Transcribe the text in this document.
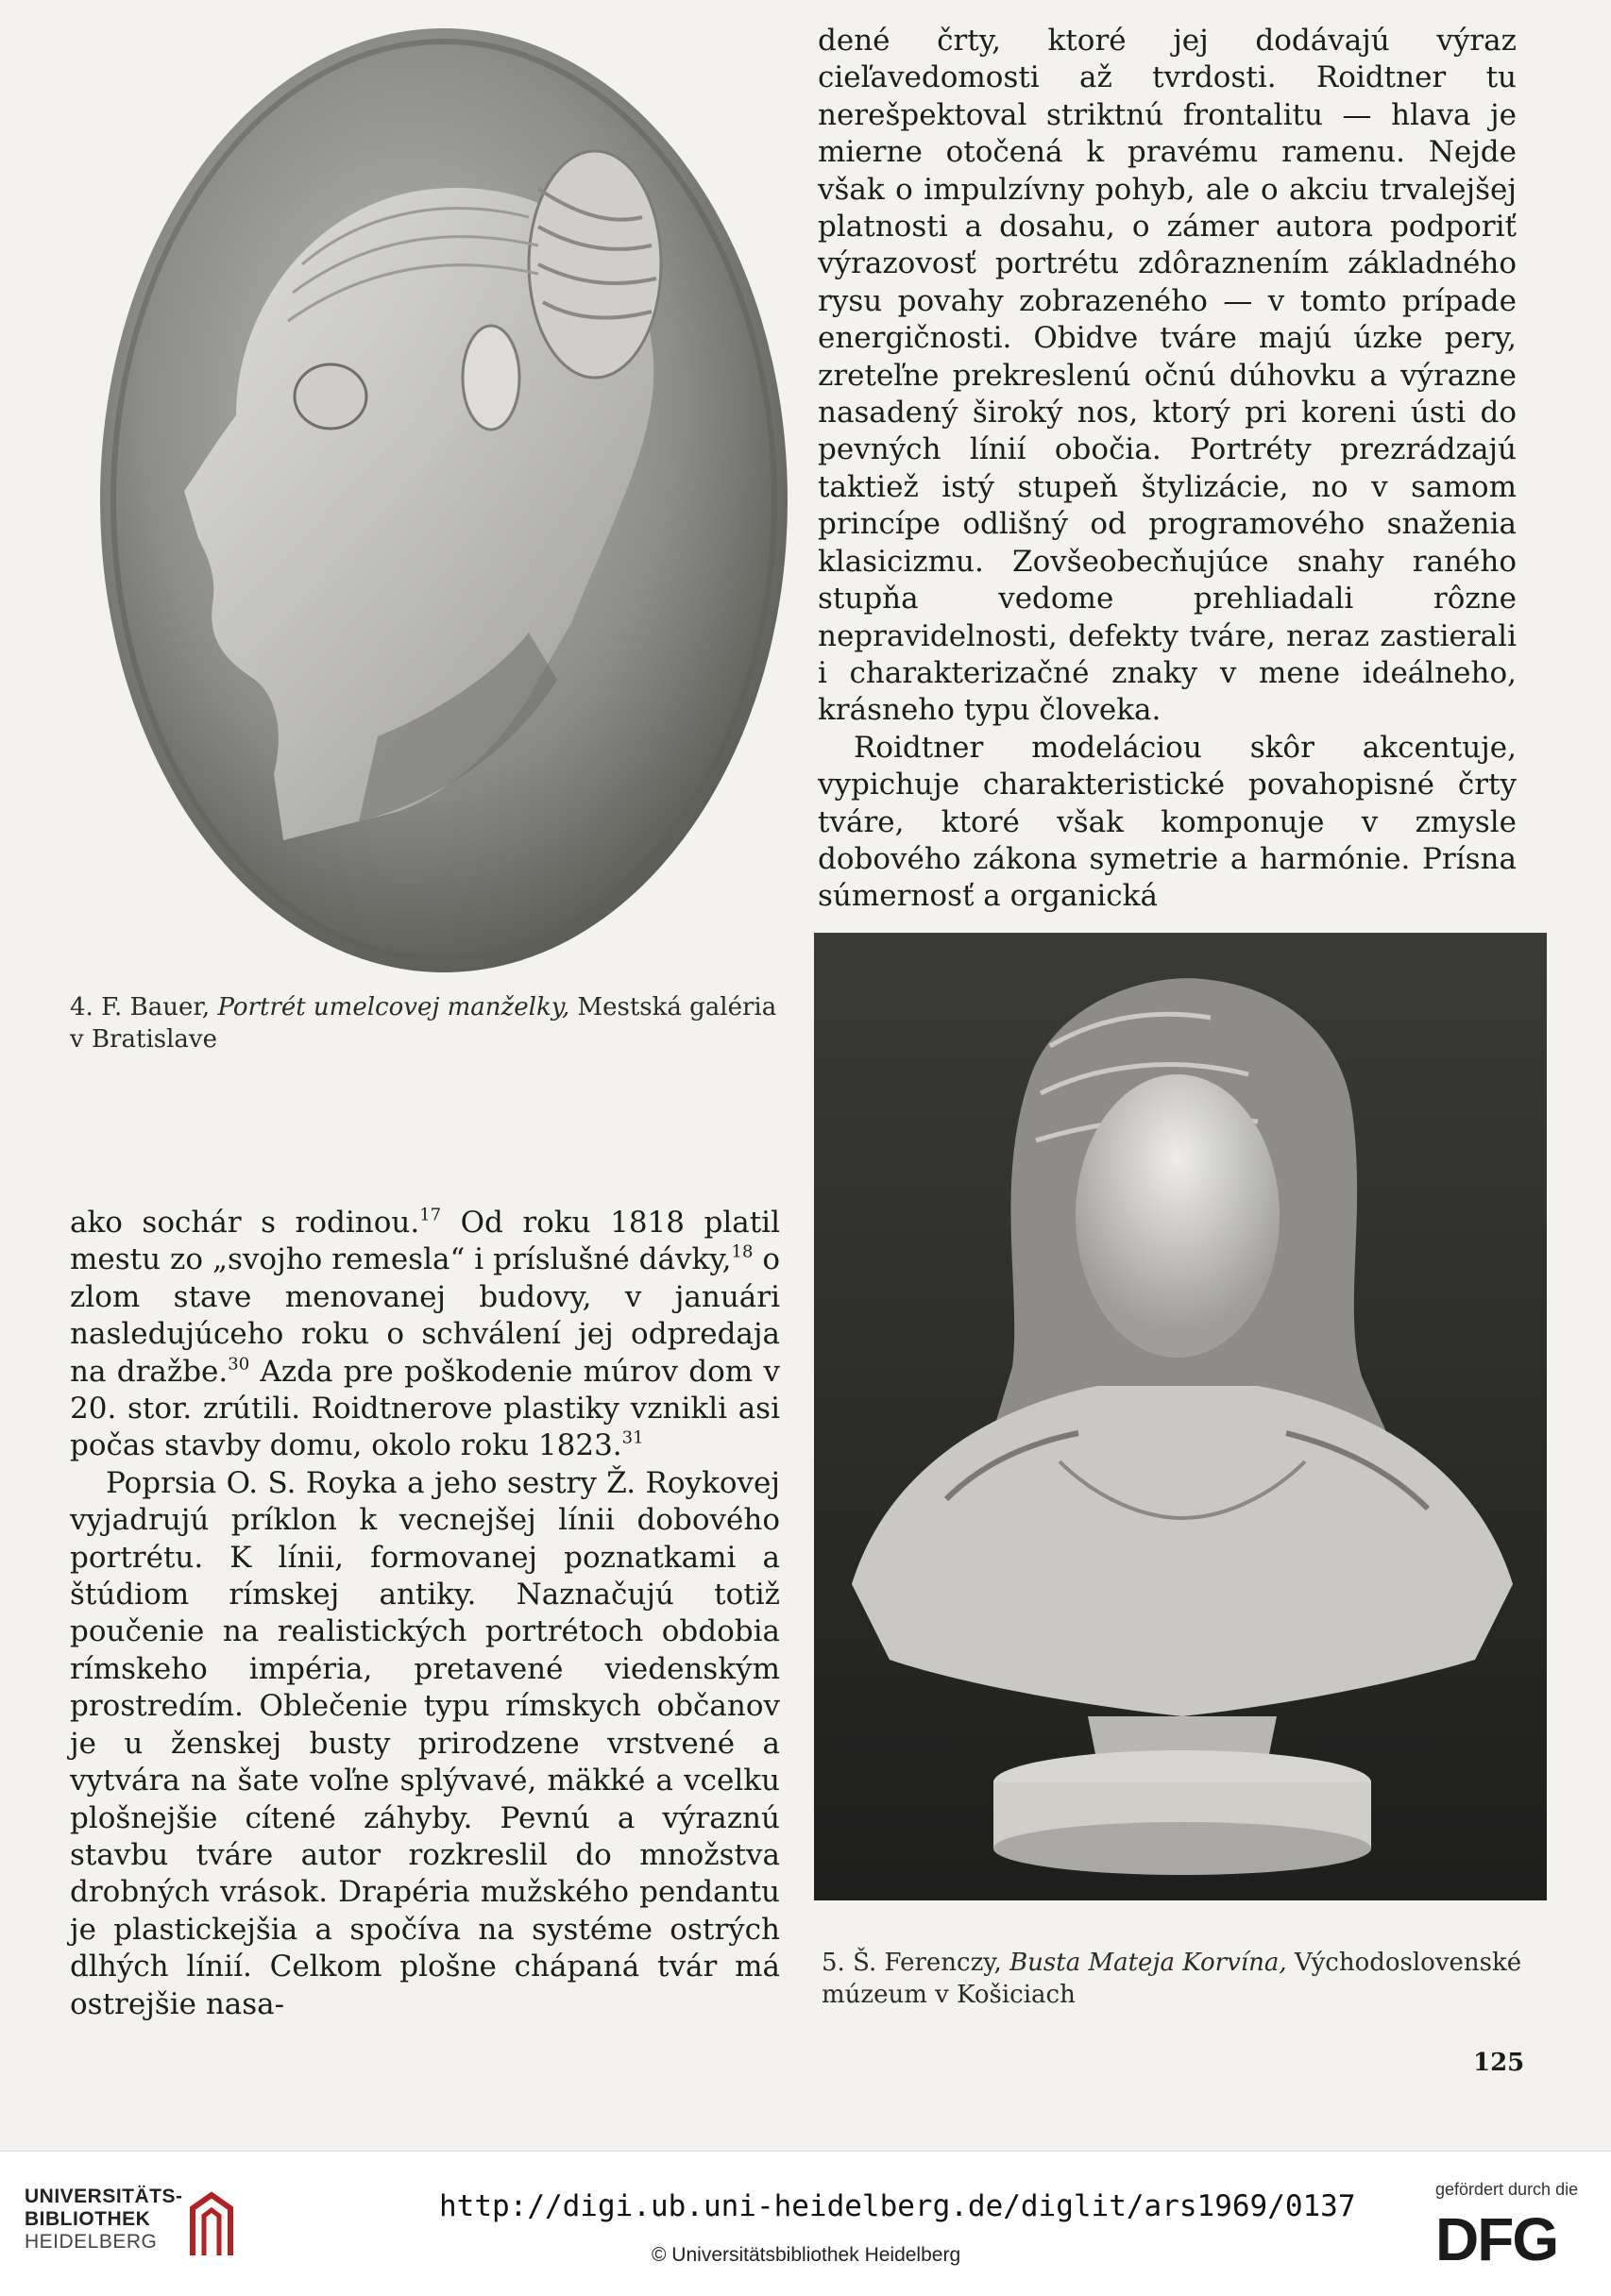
dené črty, ktoré jej dodávajú výraz cieľavedomosti až tvrdosti. Roidtner tu nerešpektoval striktnú frontalitu — hlava je mierne otočená k pravému ramenu. Nejde však o impulzívny pohyb, ale o akciu trvalejšej platnosti a dosahu, o zámer autora podporiť výrazovosť portrétu zdôraznením základného rysu povahy zobrazeného — v tomto prípade energičnosti. Obidve tváre majú úzke pery, zreteľne prekreslenú očnú dúhovku a výrazne nasadený široký nos, ktorý pri koreni ústi do pevných línií obočia. Portréty prezrádzajú taktiež istý stupeň štylizácie, no v samom princípe odlišný od programového snaženia klasicizmu. Zovšeobecňujúce snahy raného stupňa vedome prehliadali rôzne nepravidelnosti, defekty tváre, neraz zastierali i charakterizačné znaky v mene ideálneho, krásneho typu človeka.

Roidtner modeláciou skôr akcentuje, vypichuje charakteristické povahopisné črty tváre, ktoré však komponuje v zmysle dobového zákona symetrie a harmónie. Prísna súmernosť a organická

4. F. Bauer, Portrét umelcovej manželky, Mestská galéria v Bratislave

ako sochár s rodinou.$^{17}$ Od roku 1818 platil mestu zo „svojho remesla“ i príslušné dávky,$^{18}$ o zlom stave menovanej budovy, v januári nasledujúceho roku o schválení jej odpredaja na dražbe.$^{30}$ Azda pre poškodenie múrov dom v 20. stor. zrútili. Roidtnerove plastiky vznikli asi počas stavby domu, okolo roku 1823.31

Poprsia O. S. Royka a jeho sestry Ž. Roykovej vyjadrujú príklon k vecnejšej línii dobového portrétu. K línii, formovanej poznatkami a štúdiom rímskej antiky. Naznačujú totiž poučenie na realistických portrétoch obdobia rímskeho impéria, pretavené viedenským prostredím. Oblečenie typu rímskych občanov je u ženskej busty prirodzene vrstvené a vytvára na šate voľne splývavé, mäkké a vcelku plošnejšie cítené záhyby. Pevnú a výraznú stavbu tváre autor rozkreslil do množstva drobných vrások. Drapéria mužského pendantu je plastickejšia a spočíva na systéme ostrých dlhých línií. Celkom plošne chápaná tvár má ostrejšie nasa-

5. Š. Ferenczy, Busta Mateja Korvína, Východoslovenské múzeum v Košiciach
125
UNIVERSITÄTS-
BIBLIOTHEK
HEIDELBERG
http://digi.ub.uni-heidelberg.de/diglit/ars1969/0137
© Universitätsbibliothek Heidelberg
gefördert durch die
DFG
